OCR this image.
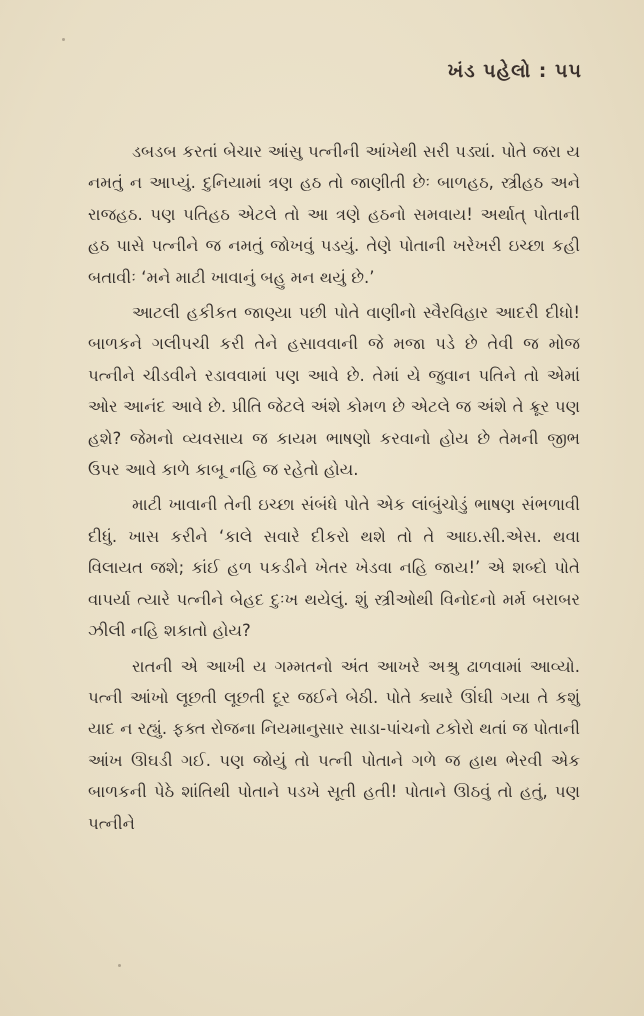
ખંડ પહેલો : ૫૫

ડબડબ કરતાં બેચાર આંસુ પત્નીની આંખેથી સરી પડ્યાં. પોતે જરા ય નમતું ન આપ્યું. દુનિયામાં ત્રણ હઠ તો જાણીતી છેઃ બાળહઠ, સ્ત્રીહઠ અને રાજહઠ. પણ પતિહઠ એટલે તો આ ત્રણે હઠનો સમવાય! અર્થાત્ પોતાની હઠ પાસે પત્નીને જ નમતું જોખવું પડયું. તેણે પોતાની ખરેખરી ઇચ્છા કહી બતાવીઃ ‘મને માટી ખાવાનું બહુ મન થયું છે.’

આટલી હકીકત જાણ્યા પછી પોતે વાણીનો સ્વૈરવિહાર આદરી દીધો! બાળકને ગલીપચી કરી તેને હસાવવાની જે મજા પડે છે તેવી જ મોજ પત્નીને ચીડવીને રડાવવામાં પણ આવે છે. તેમાં યે જુવાન પતિને તો એમાં ઓર આનંદ આવે છે. પ્રીતિ જેટલે અંશે કોમળ છે એટલે જ અંશે તે ક્રૂર પણ હશે? જેમનો વ્યવસાય જ કાયમ ભાષણો કરવાનો હોય છે તેમની જીભ ઉપર આવે કાળે કાબૂ નહિ જ રહેતો હોય.

માટી ખાવાની તેની ઇચ્છા સંબંધે પોતે એક લાંબુંચોડું ભાષણ સંભળાવી દીધું. ખાસ કરીને ‘કાલે સવારે દીકરો થશે તો તે આઇ.સી.એસ. થવા વિલાયત જશે; કાંઈ હળ પકડીને ખેતર ખેડવા નહિ જાય!’ એ શબ્દો પોતે વાપર્યા ત્યારે પત્નીને બેહદ દુઃખ થયેલું. શું સ્ત્રીઓથી વિનોદનો મર્મ બરાબર ઝીલી નહિ શકાતો હોય?

રાતની એ આખી ય ગમ્મતનો અંત આખરે અશ્રુ ઢાળવામાં આવ્યો. પત્ની આંખો લૂછતી લૂછતી દૂર જઈને બેઠી. પોતે ક્યારે ઊંઘી ગયા તે કશું યાદ ન રહ્યું. ફક્ત રોજના નિયમાનુસાર સાડા-પાંચનો ટકોરો થતાં જ પોતાની આંખ ઊઘડી ગઈ. પણ જોયું તો પત્ની પોતાને ગળે જ હાથ ભેરવી એક બાળકની પેઠે શાંતિથી પોતાને પડખે સૂતી હતી! પોતાને ઊઠવું તો હતું, પણ પત્નીને
